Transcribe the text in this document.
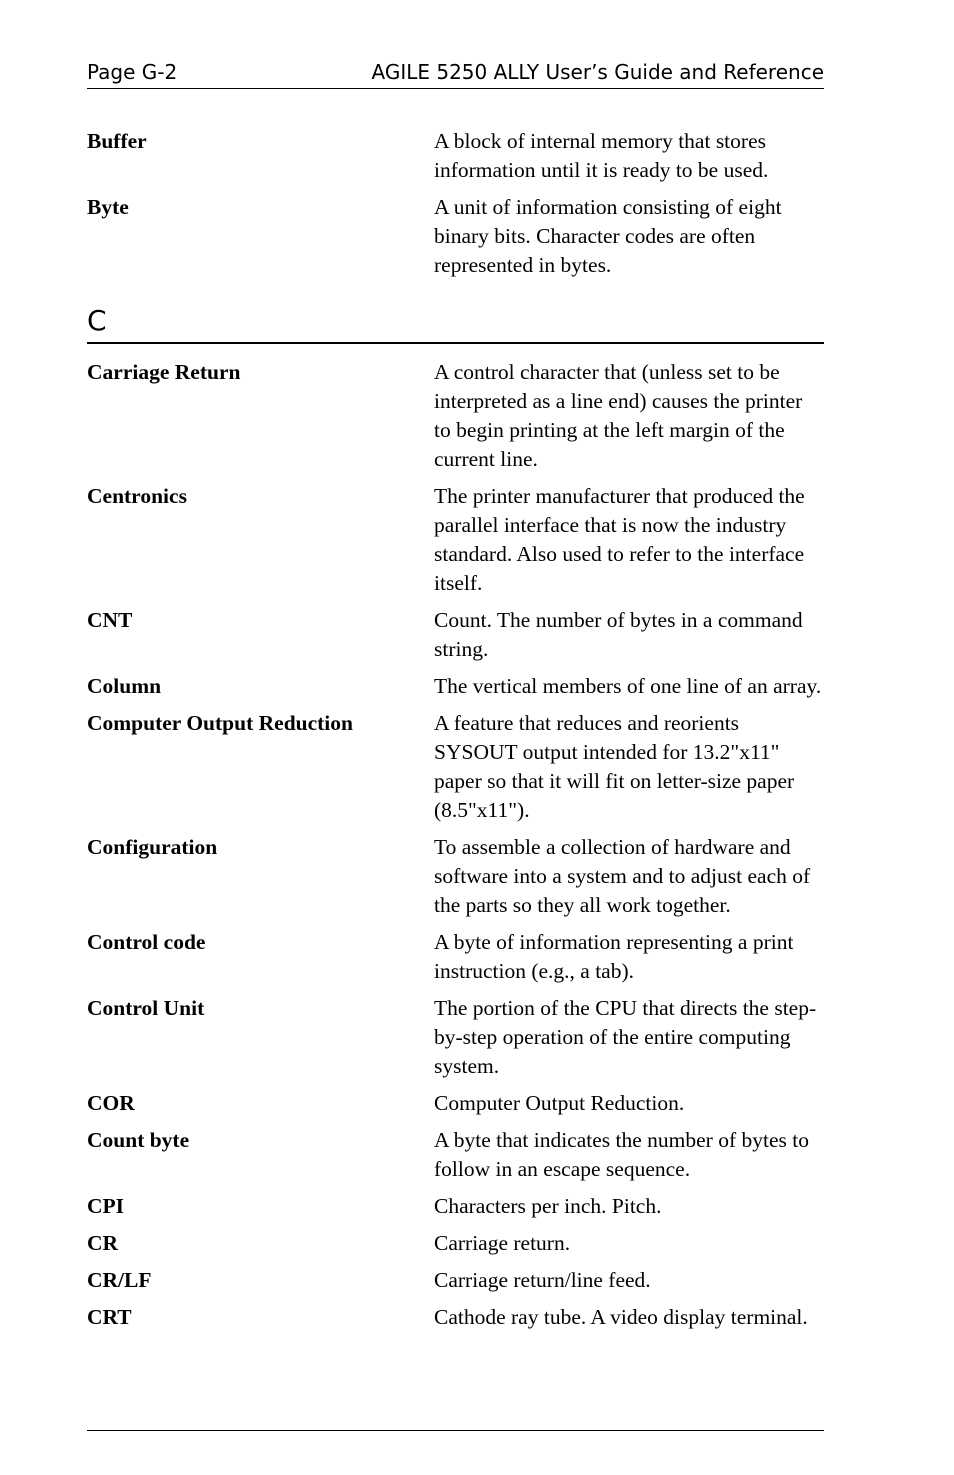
Page G-2	AGILE 5250 ALLY User’s Guide and Reference
Buffer	A block of internal memory that stores information until it is ready to be used.
Byte	A unit of information consisting of eight binary bits. Character codes are often represented in bytes.
C
Carriage Return	A control character that (unless set to be interpreted as a line end) causes the printer to begin printing at the left margin of the current line.
Centronics	The printer manufacturer that produced the parallel interface that is now the industry standard. Also used to refer to the interface itself.
CNT	Count. The number of bytes in a command string.
Column	The vertical members of one line of an array.
Computer Output Reduction	A feature that reduces and reorients SYSOUT output intended for 13.2"x11" paper so that it will fit on letter-size paper (8.5"x11").
Configuration	To assemble a collection of hardware and software into a system and to adjust each of the parts so they all work together.
Control code	A byte of information representing a print instruction (e.g., a tab).
Control Unit	The portion of the CPU that directs the step-by-step operation of the entire computing system.
COR	Computer Output Reduction.
Count byte	A byte that indicates the number of bytes to follow in an escape sequence.
CPI	Characters per inch. Pitch.
CR	Carriage return.
CR/LF	Carriage return/line feed.
CRT	Cathode ray tube. A video display terminal.
